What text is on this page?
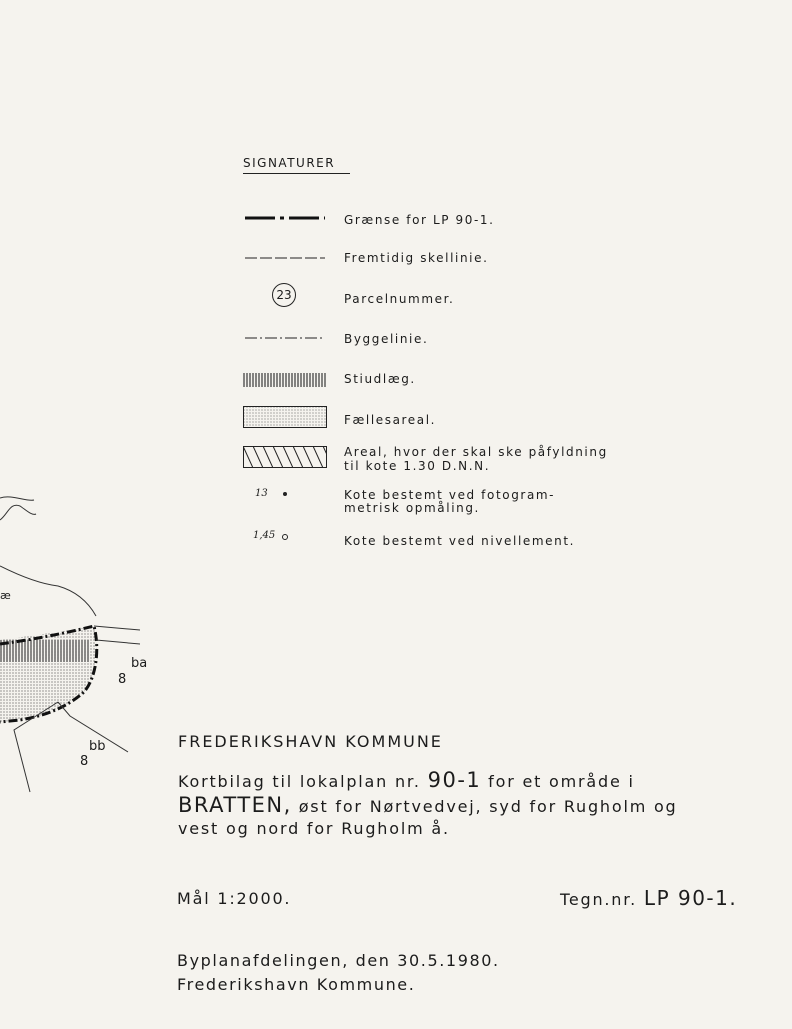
æ
ba
8
bb
8
SIGNATURER
Grænse for LP 90-1.
Fremtidig skellinie.
23	Parcelnummer.
Byggelinie.
Stiudlæg.
Fællesareal.
Areal, hvor der skal ske påfyldning
til kote 1.30 D.N.N.
13	Kote bestemt ved fotogram-
metrisk opmåling.
1,45	Kote bestemt ved nivellement.
FREDERIKSHAVN KOMMUNE
Kortbilag til lokalplan nr. 90-1 for et område i
BRATTEN, øst for Nørtvedvej, syd for Rugholm og
vest og nord for Rugholm å.
Mål 1:2000.	Tegn.nr. LP 90-1.
Byplanafdelingen, den 30.5.1980.
Frederikshavn Kommune.
